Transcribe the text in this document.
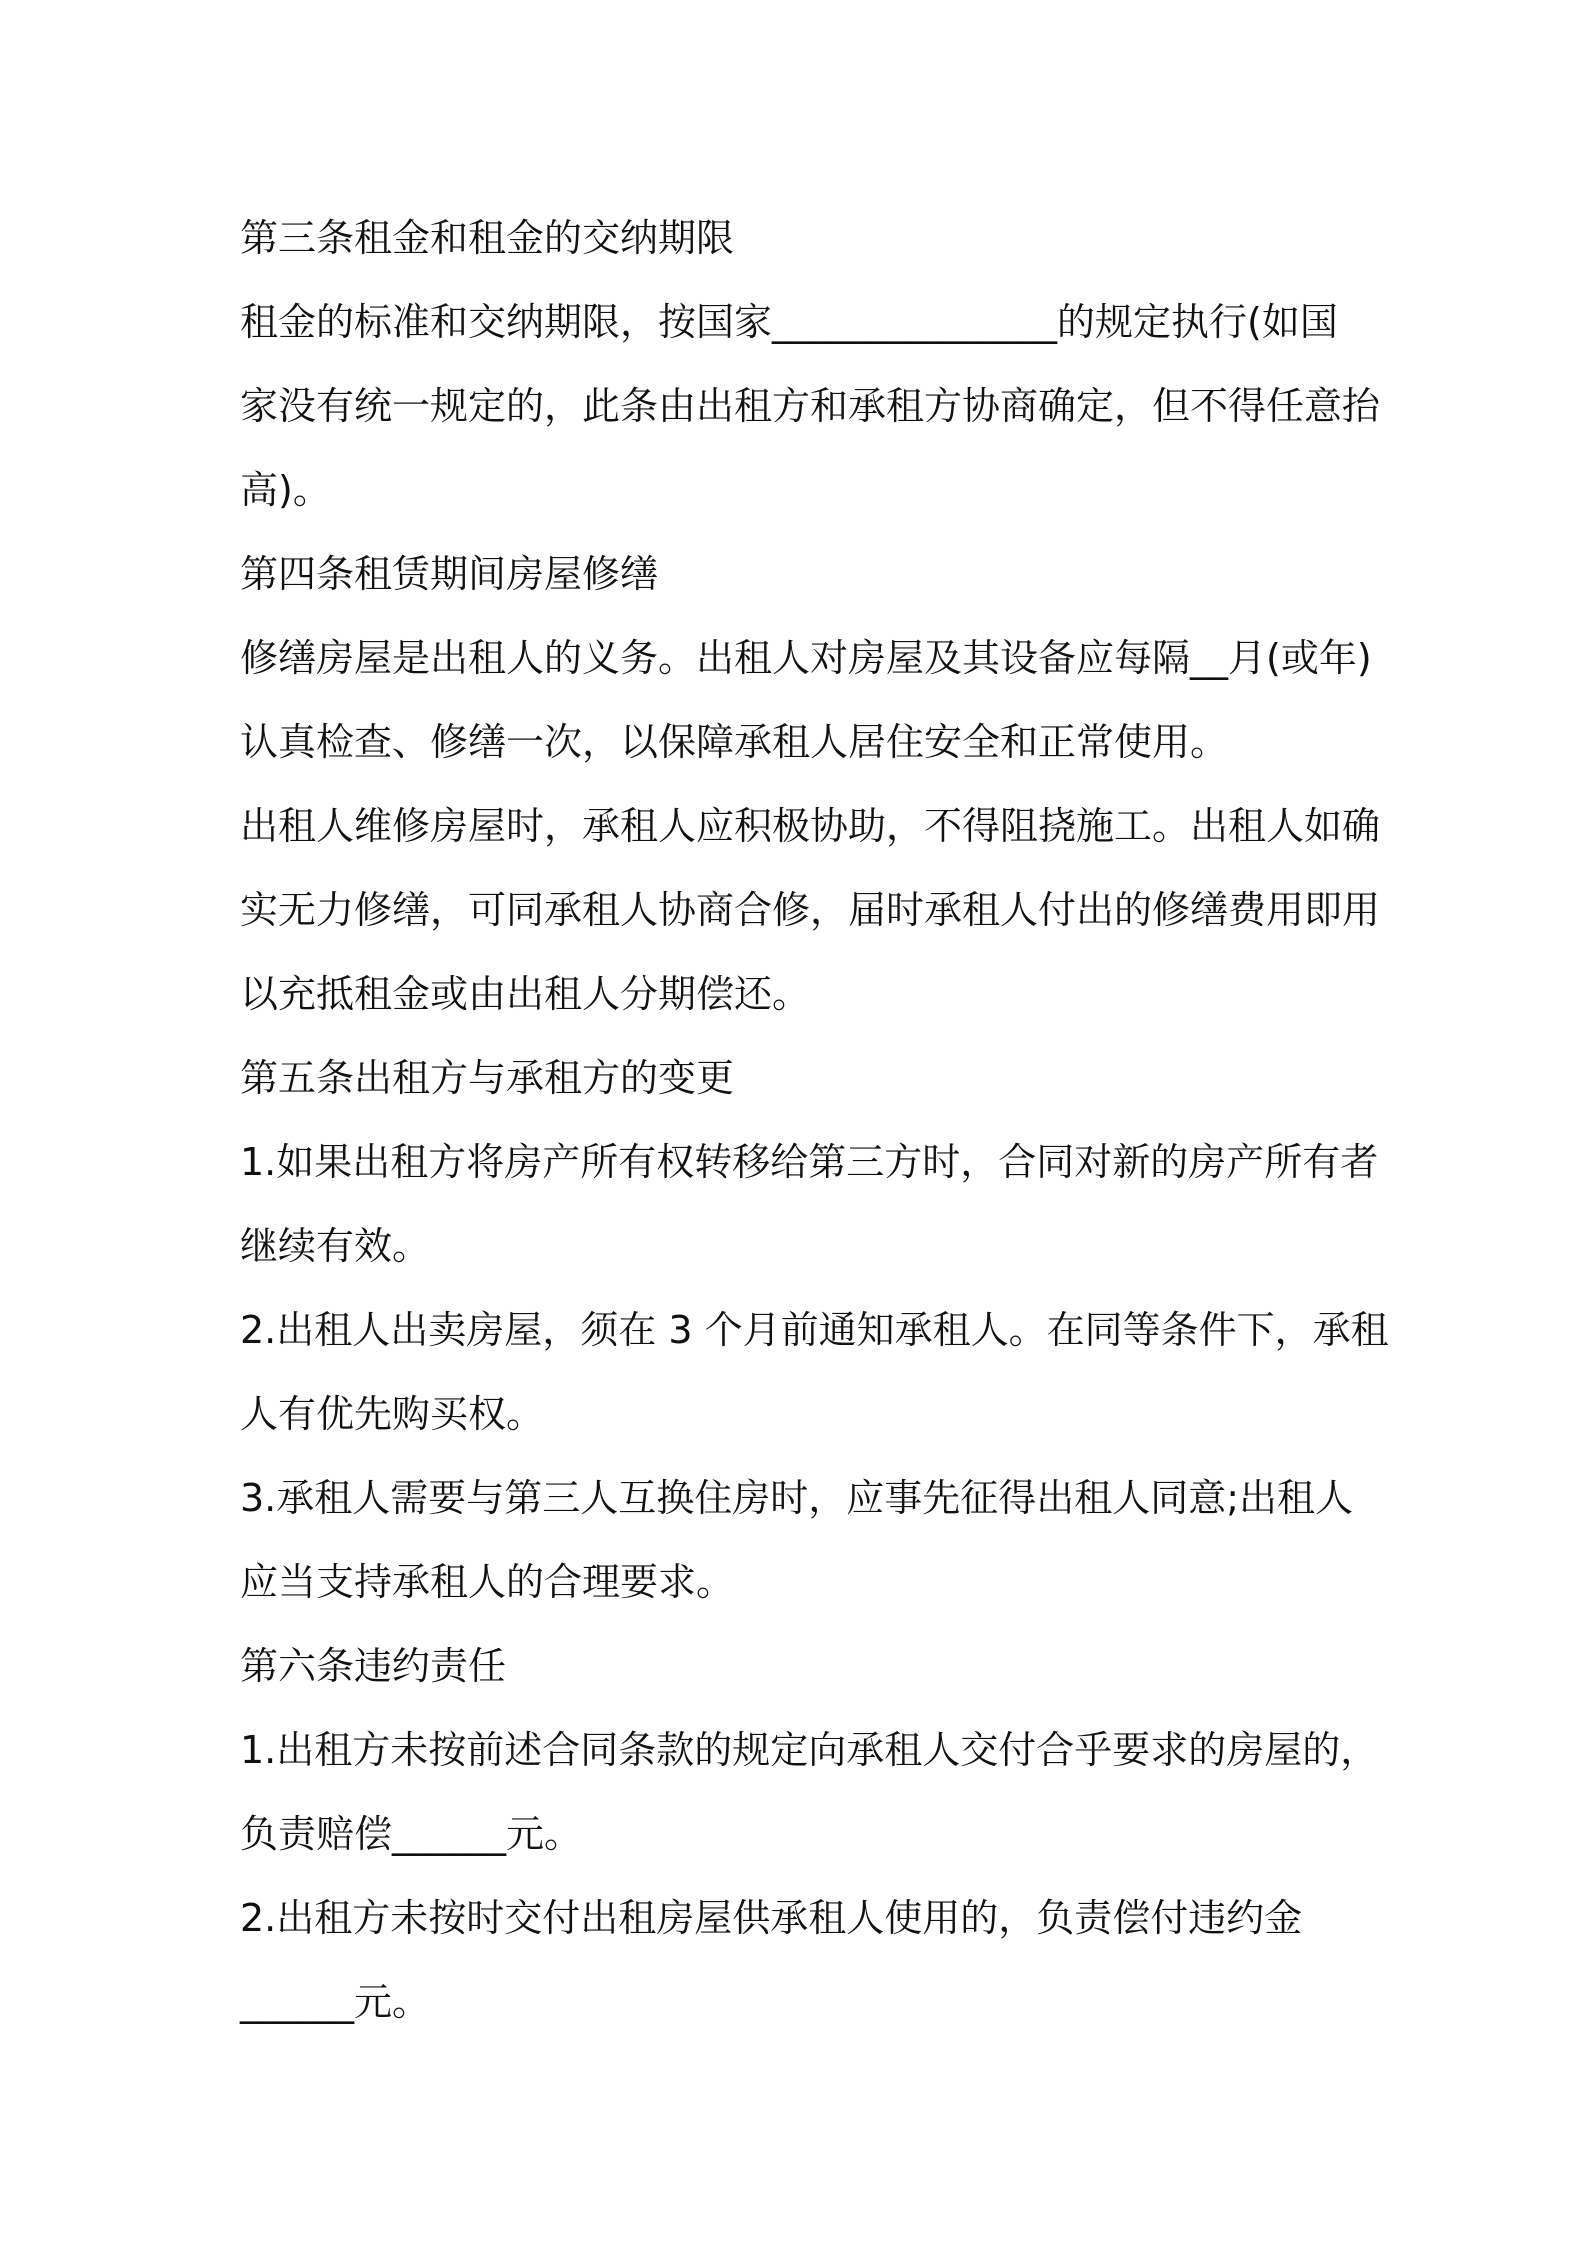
第三条租金和租金的交纳期限
租金的标准和交纳期限，按国家_______________的规定执行(如国
家没有统一规定的，此条由出租方和承租方协商确定，但不得任意抬
高)。
第四条租赁期间房屋修缮
修缮房屋是出租人的义务。出租人对房屋及其设备应每隔__月(或年)
认真检查、修缮一次，以保障承租人居住安全和正常使用。
出租人维修房屋时，承租人应积极协助，不得阻挠施工。出租人如确
实无力修缮，可同承租人协商合修，届时承租人付出的修缮费用即用
以充抵租金或由出租人分期偿还。
第五条出租方与承租方的变更
1.如果出租方将房产所有权转移给第三方时，合同对新的房产所有者
继续有效。
2.出租人出卖房屋，须在 3 个月前通知承租人。在同等条件下，承租
人有优先购买权。
3.承租人需要与第三人互换住房时，应事先征得出租人同意;出租人
应当支持承租人的合理要求。
第六条违约责任
1.出租方未按前述合同条款的规定向承租人交付合乎要求的房屋的，
负责赔偿______元。
2.出租方未按时交付出租房屋供承租人使用的，负责偿付违约金
______元。
